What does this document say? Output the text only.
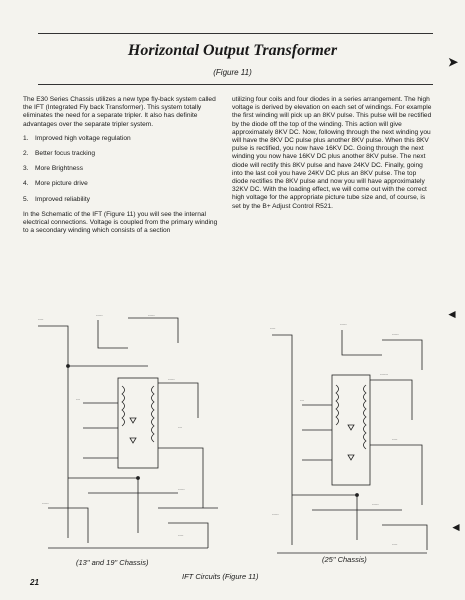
Horizontal Output Transformer
(Figure 11)
➤

The E30 Series Chassis utilizes a new type fly-back system called the IFT (Integrated Fly back Transformer). This system totally eliminates the need for a separate tripler. It also has definite advantages over the separate tripler system.

1. Improved high voltage regulation
2. Better focus tracking
3. More Brightness
4. More picture drive
5. Improved reliability

In the Schematic of the IFT (Figure 11) you will see the internal electrical connections. Voltage is coupled from the primary winding to a secondary winding which consists of a section

utilizing four coils and four diodes in a series arrangement. The high voltage is derived by elevation on each set of windings. For example the first winding will pick up an 8KV pulse. This pulse will be rectified by the diode off the top of the winding. This action will give approximately 8KV DC. Now, following through the next winding you will have the 8KV DC pulse plus another 8KV pulse. When this 8KV pulse is rectified, you now have 16KV DC. Going through the next winding you now have 16KV DC plus another 8KV pulse. The next diode will rectify this 8KV pulse and have 24KV DC. Finally, going into the last coil you have 24KV DC plus an 8KV pulse. The top diode rectifies the 8KV pulse and now you will have approximately 32KV DC. With the loading effect, we will come out with the correct high voltage for the appropriate picture tube size and, of course, is set by the B+ Adjust Control R521.

◄
----
-----	-----
-----
---
---
-----
-----
----
----
-----
-----
------
----
---
-----
-----
----
(13" and 19" Chassis)	(25" Chassis)
IFT Circuits (Figure 11)
21
◄
